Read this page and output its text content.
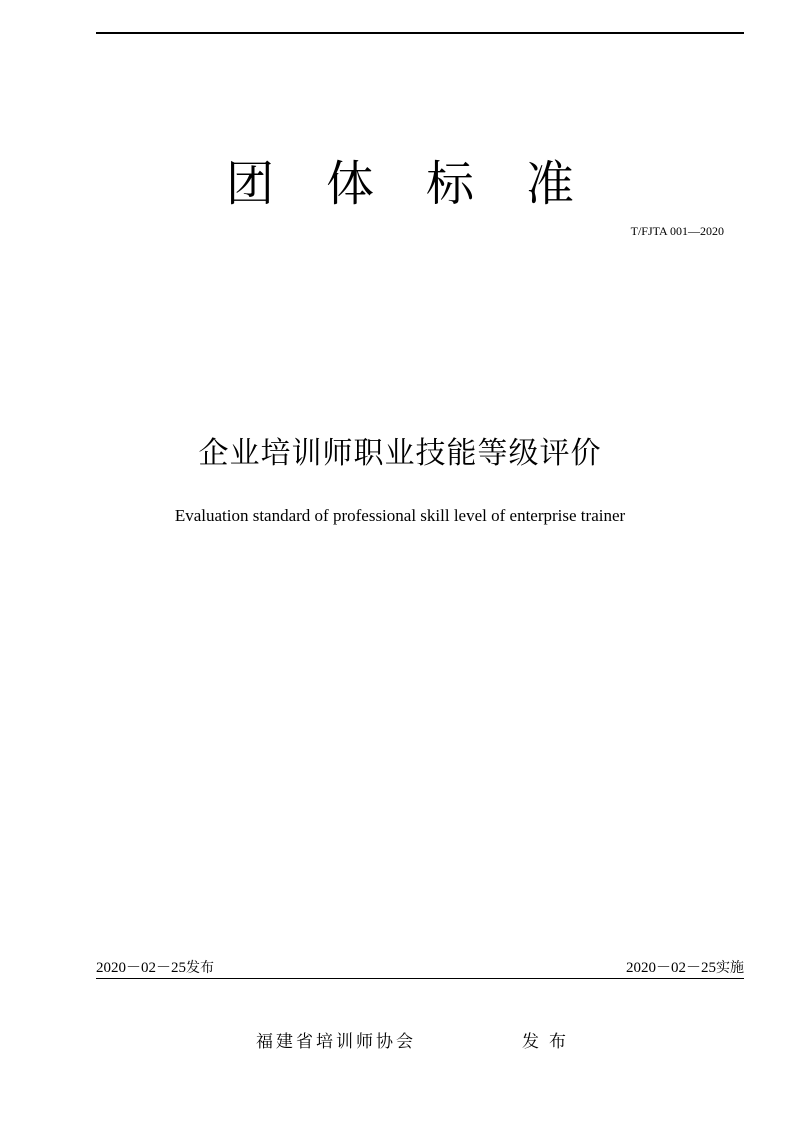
团体标准
T/FJTA 001—2020
企业培训师职业技能等级评价
Evaluation standard of professional skill level of enterprise trainer
2020－02－25发布	2020－02－25实施
福建省培训师协会	发布
